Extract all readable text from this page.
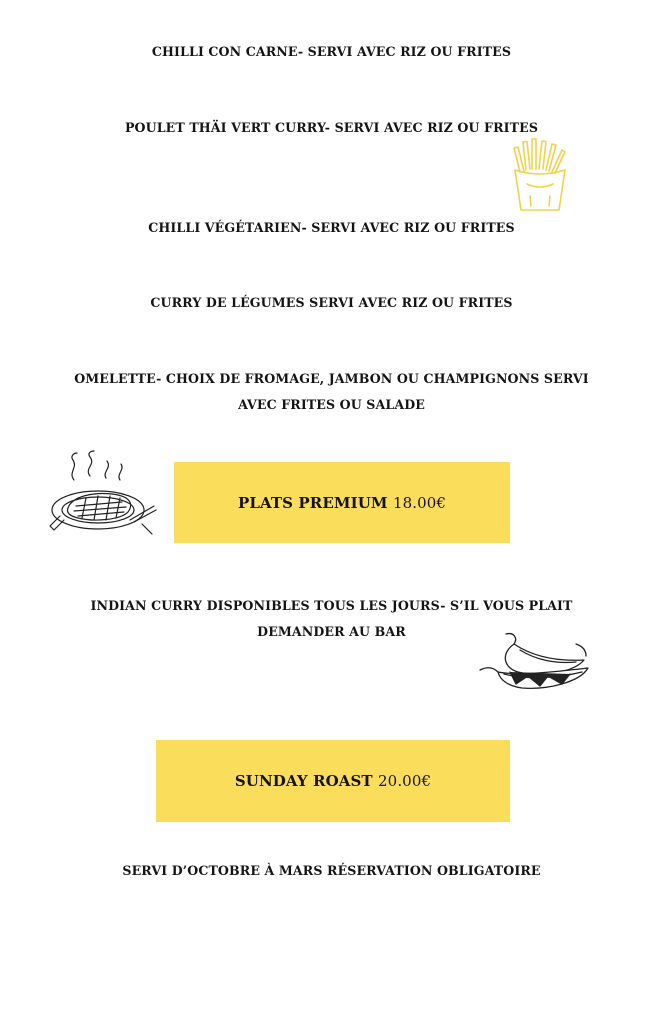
CHILLI CON CARNE- SERVI AVEC RIZ OU FRITES
POULET THÄI VERT CURRY- SERVI AVEC RIZ OU FRITES
CHILLI VÉGÉTARIEN- SERVI AVEC RIZ OU FRITES
CURRY DE LÉGUMES SERVI AVEC RIZ OU FRITES
OMELETTE- CHOIX DE FROMAGE, JAMBON OU CHAMPIGNONS SERVI
AVEC FRITES OU SALADE
PLATS PREMIUM
18.00€
INDIAN CURRY DISPONIBLES TOUS LES JOURS- S’IL VOUS PLAIT
DEMANDER AU BAR
SUNDAY ROAST
20.00€
SERVI D’OCTOBRE À MARS RÉSERVATION OBLIGATOIRE
